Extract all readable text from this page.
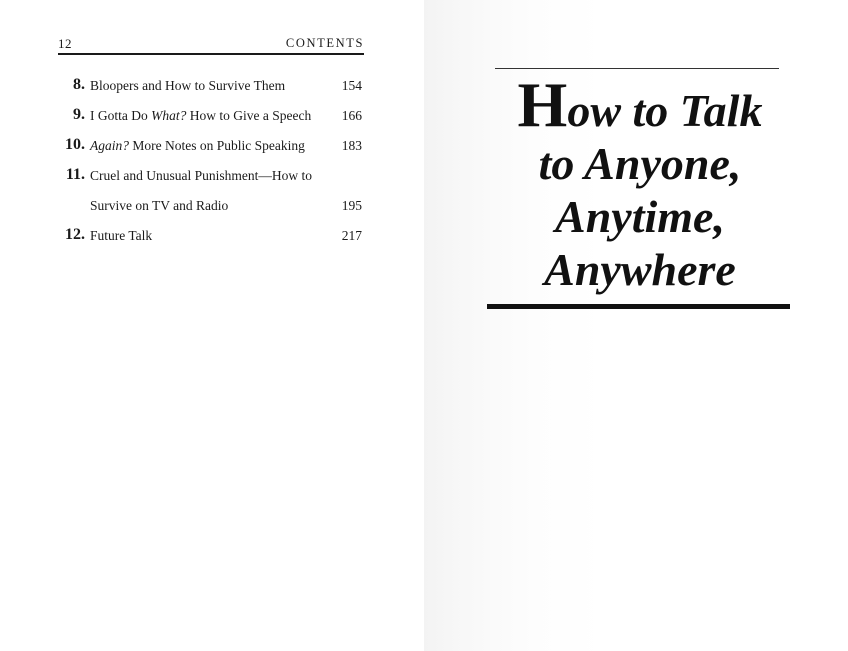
12	CONTENTS
8. Bloopers and How to Survive Them	154
9. I Gotta Do What? How to Give a Speech 166
10. Again? More Notes on Public Speaking	183
11. Cruel and Unusual Punishment—How to
Survive on TV and Radio	195
12. Future Talk	217
How to Talk
to Anyone,
Anytime,
Anywhere
